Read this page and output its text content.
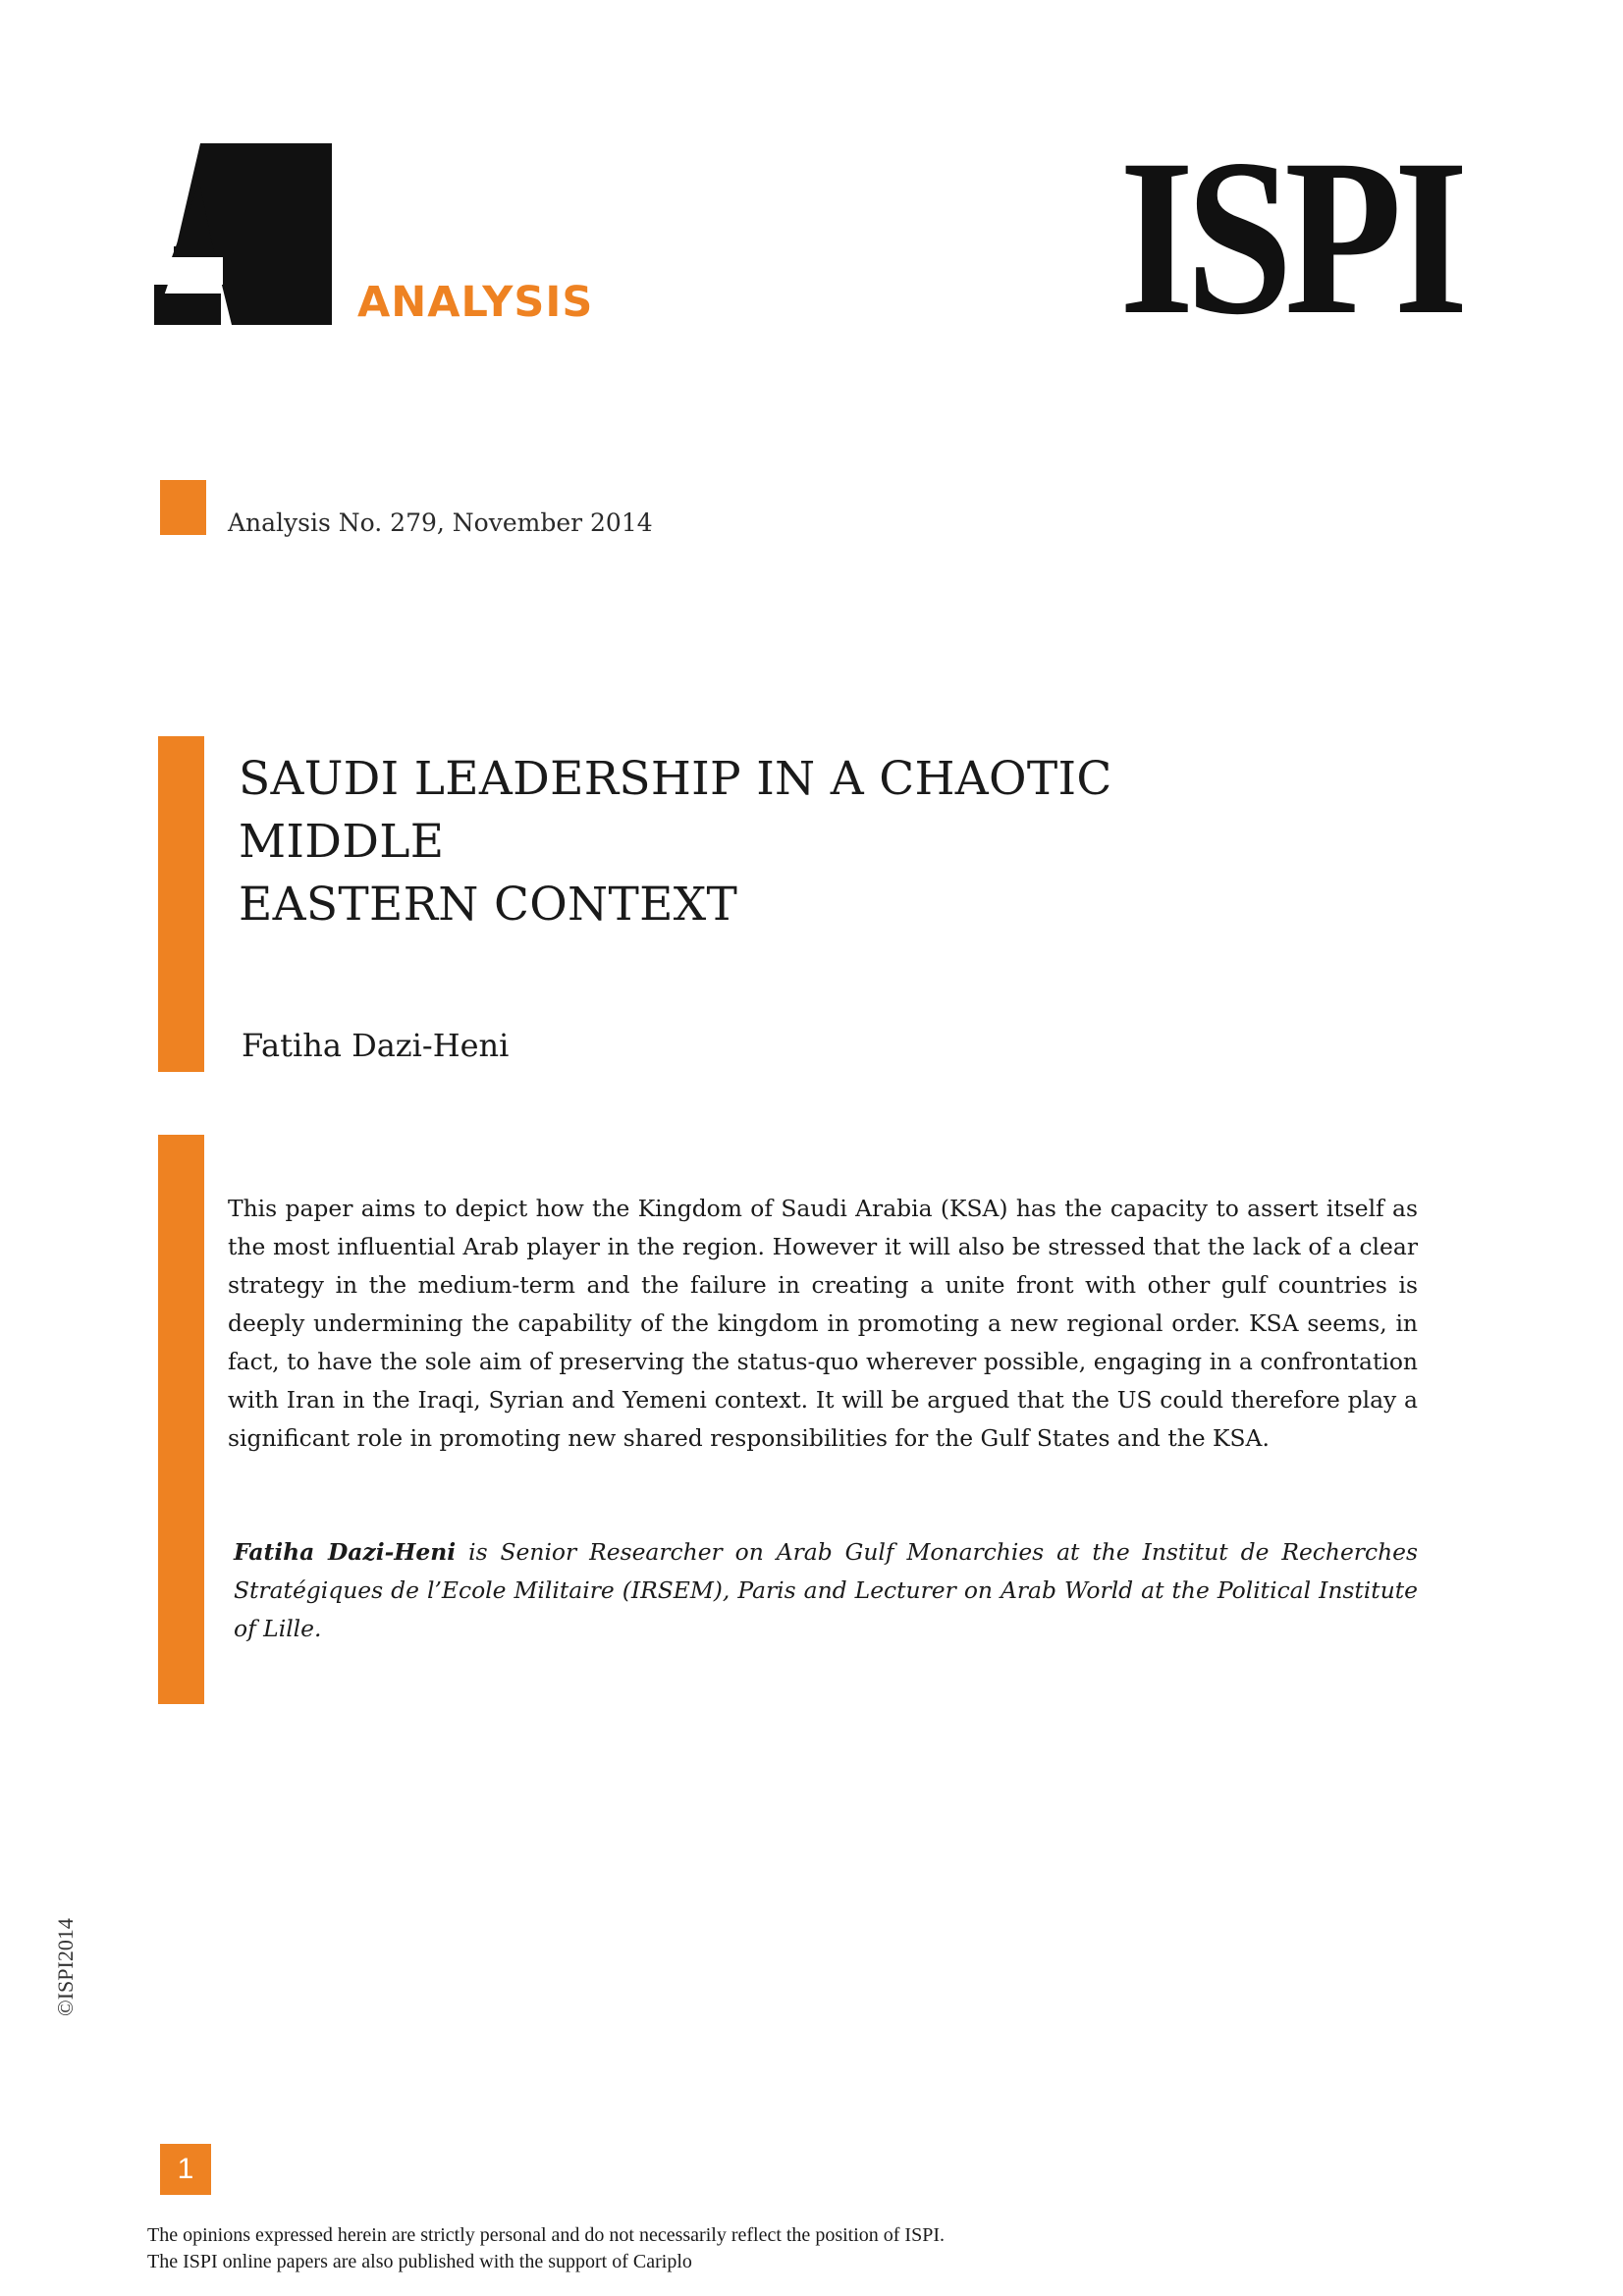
ANALYSIS ISPI
Analysis No. 279, November 2014
SAUDI LEADERSHIP IN A CHAOTIC MIDDLE
EASTERN CONTEXT
Fatiha Dazi-Heni
This paper aims to depict how the Kingdom of Saudi Arabia (KSA) has the capacity to assert itself as the most influential Arab player in the region. However it will also be stressed that the lack of a clear strategy in the medium-term and the failure in creating a unite front with other gulf countries is deeply undermining the capability of the kingdom in promoting a new regional order. KSA seems, in fact, to have the sole aim of preserving the status-quo wherever possible, engaging in a confrontation with Iran in the Iraqi, Syrian and Yemeni context. It will be argued that the US could therefore play a significant role in promoting new shared responsibilities for the Gulf States and the KSA.
Fatiha Dazi-Heni is Senior Researcher on Arab Gulf Monarchies at the Institut de Recherches Stratégiques de l’Ecole Militaire (IRSEM), Paris and Lecturer on Arab World at the Political Institute of Lille.
©ISPI2014
1
The opinions expressed herein are strictly personal and do not necessarily reflect the position of ISPI.
The ISPI online papers are also published with the support of Cariplo
